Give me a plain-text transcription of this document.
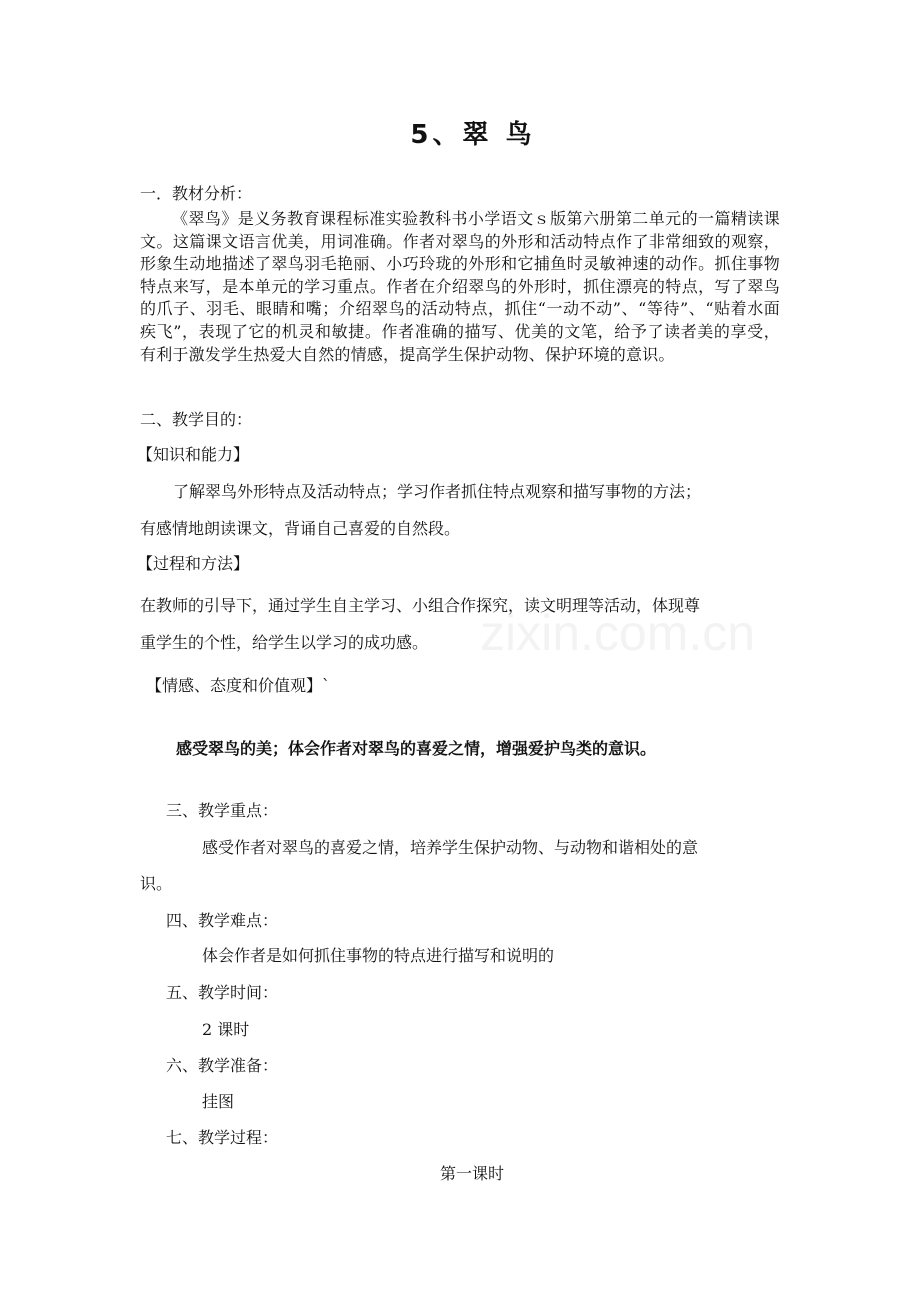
5、翠 鸟
一．教材分析：
《翠鸟》是义务教育课程标准实验教科书小学语文ｓ版第六册第二单元的一篇精读课文。这篇课文语言优美，用词准确。作者对翠鸟的外形和活动特点作了非常细致的观察，形象生动地描述了翠鸟羽毛艳丽、小巧玲珑的外形和它捕鱼时灵敏神速的动作。抓住事物特点来写，是本单元的学习重点。作者在介绍翠鸟的外形时，抓住漂亮的特点，写了翠鸟的爪子、羽毛、眼睛和嘴；介绍翠鸟的活动特点，抓住“一动不动”、“等待”、“贴着水面疾飞”，表现了它的机灵和敏捷。作者准确的描写、优美的文笔，给予了读者美的享受，有利于激发学生热爱大自然的情感，提高学生保护动物、保护环境的意识。
二、教学目的：
【知识和能力】
了解翠鸟外形特点及活动特点；学习作者抓住特点观察和描写事物的方法；
有感情地朗读课文，背诵自己喜爱的自然段。
【过程和方法】
在教师的引导下，通过学生自主学习、小组合作探究，读文明理等活动，体现尊
重学生的个性，给学生以学习的成功感。
【情感、态度和价值观】`
感受翠鸟的美；体会作者对翠鸟的喜爱之情，增强爱护鸟类的意识。
三、教学重点：
感受作者对翠鸟的喜爱之情，培养学生保护动物、与动物和谐相处的意
识。
四、教学难点：
体会作者是如何抓住事物的特点进行描写和说明的
五、教学时间：
2 课时
六、教学准备：
挂图
七、教学过程：
第一课时
zixin.com.cn
